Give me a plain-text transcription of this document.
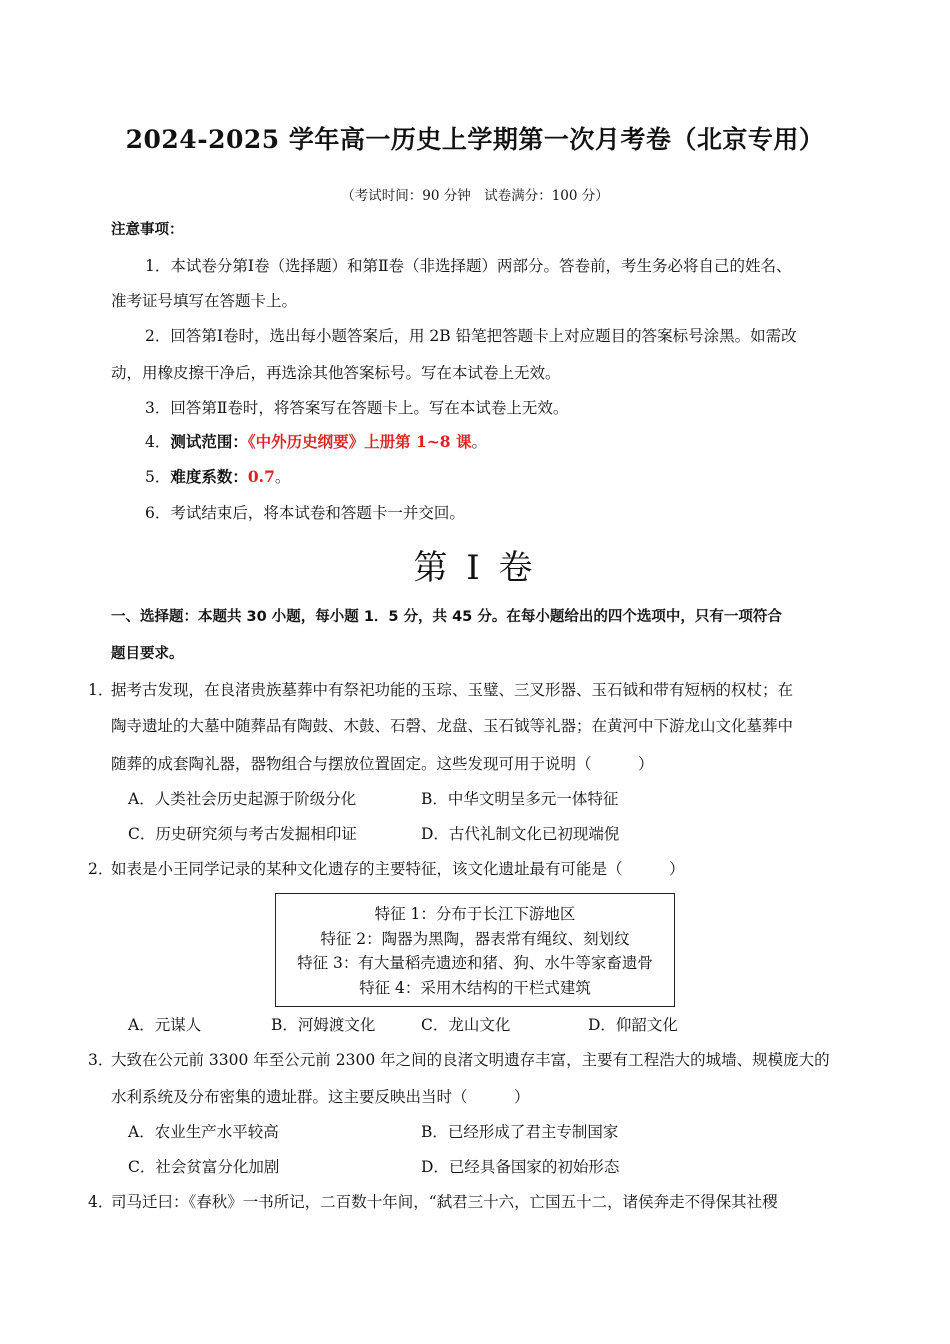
2024-2025 学年高一历史上学期第一次月考卷（北京专用）
（考试时间：90 分钟　试卷满分：100 分）
注意事项：
1．本试卷分第Ⅰ卷（选择题）和第Ⅱ卷（非选择题）两部分。答卷前，考生务必将自己的姓名、
准考证号填写在答题卡上。
2．回答第Ⅰ卷时，选出每小题答案后，用 2B 铅笔把答题卡上对应题目的答案标号涂黑。如需改
动，用橡皮擦干净后，再选涂其他答案标号。写在本试卷上无效。
3．回答第Ⅱ卷时，将答案写在答题卡上。写在本试卷上无效。
4．测试范围：《中外历史纲要》上册第 1~8 课。
5．难度系数：0.7。
6．考试结束后，将本试卷和答题卡一并交回。
第 I 卷
一、选择题：本题共 30 小题，每小题 1．5 分，共 45 分。在每小题给出的四个选项中，只有一项符合
题目要求。
1．
据考古发现，在良渚贵族墓葬中有祭祀功能的玉琮、玉璧、三叉形器、玉石钺和带有短柄的权杖；在
陶寺遗址的大墓中随葬品有陶鼓、木鼓、石磬、龙盘、玉石钺等礼器；在黄河中下游龙山文化墓葬中
随葬的成套陶礼器，器物组合与摆放位置固定。这些发现可用于说明（　　　）
A．人类社会历史起源于阶级分化	B．中华文明呈多元一体特征
C．历史研究须与考古发掘相印证	D．古代礼制文化已初现端倪
2．
如表是小王同学记录的某种文化遗存的主要特征，该文化遗址最有可能是（　　　）
特征 1：分布于长江下游地区
特征 2：陶器为黑陶，器表常有绳纹、刻划纹
特征 3：有大量稻壳遗迹和猪、狗、水牛等家畜遗骨
特征 4：采用木结构的干栏式建筑
A．元谋人	B．河姆渡文化	C．龙山文化	D．仰韶文化
3．
大致在公元前 3300 年至公元前 2300 年之间的良渚文明遗存丰富，主要有工程浩大的城墙、规模庞大的
水利系统及分布密集的遗址群。这主要反映出当时（　　　）
A．农业生产水平较高	B．已经形成了君主专制国家
C．社会贫富分化加剧	D．已经具备国家的初始形态
4．
司马迁曰：《春秋》一书所记，二百数十年间，“弑君三十六，亡国五十二，诸侯奔走不得保其社稷
